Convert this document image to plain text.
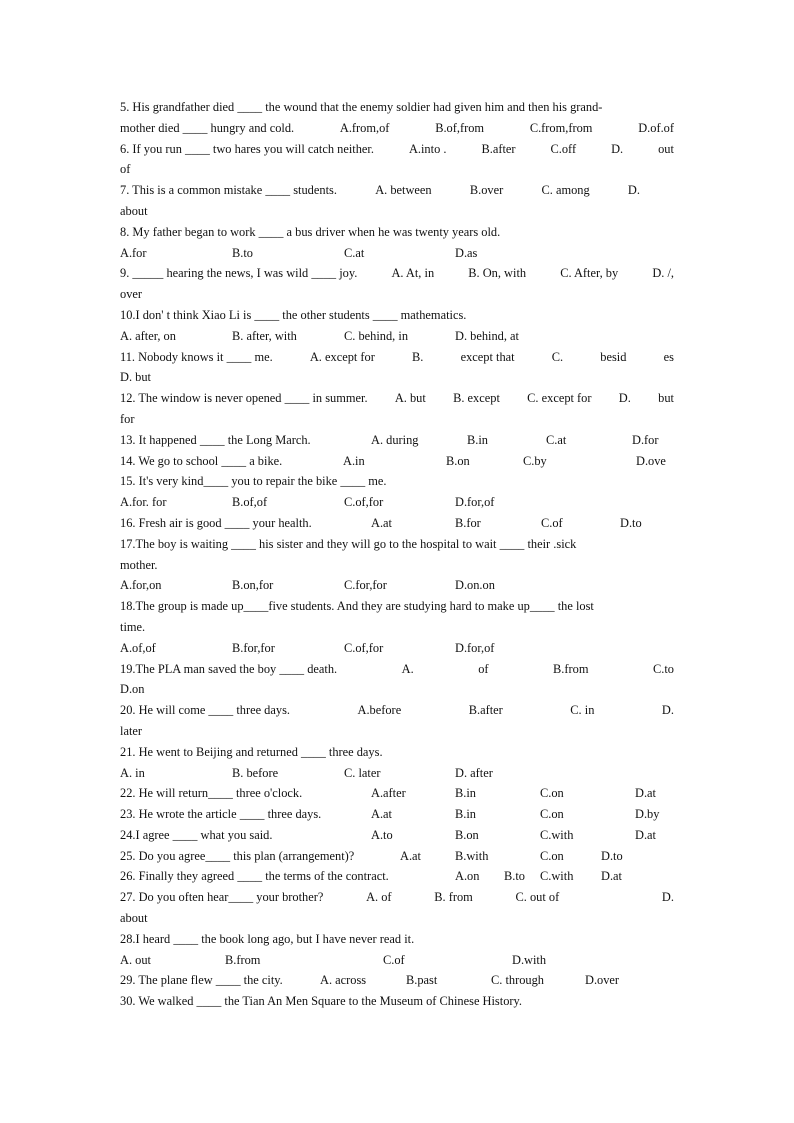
5. His grandfather died ____ the wound that the enemy soldier had given him and then his grand-
mother died ____ hungry and cold.	A.from,of	B.of,from	C.from,from	D.of.of
6. If you run ____ two hares you will catch neither.	A.into .	B.after	C.off	D.	out
of
7. This is a common mistake ____ students.	A. between	B.over	C. among	D.
about
8. My father began to work ____ a bus driver when he was twenty years old.
A.for	B.to	C.at	D.as
9. _____ hearing the news, I was wild ____ joy.	A. At, in	B. On, with	C. After, by	D. /,
over
10.I don' t think Xiao Li is ____ the other students ____ mathematics.
A. after, on	B. after, with	C. behind, in	D. behind, at
11. Nobody knows it ____ me.	A. except for	B.	except that	C.	besid	es
D. but
12. The window is never opened ____ in summer. A. but B. except C. except for D. but
for
13. It happened ____ the Long March.	A. during	B.in	C.at	D.for
14. We go to school ____ a bike.	A.in	B.on	C.by	D.ove
15. It's very kind____ you to repair the bike ____ me.
A.for. for	B.of,of	C.of,for	D.for,of
16. Fresh air is good ____ your health.	A.at	B.for	C.of	D.to
17.The boy is waiting ____ his sister and they will go to the hospital to wait ____ their .sick
mother.
A.for,on	B.on,for	C.for,for	D.on.on
18.The group is made up____five students. And they are studying hard to make up____ the lost
time.
A.of,of	B.for,for	C.of,for	D.for,of
19.The PLA man saved the boy ____ death.	A.	of	B.from	C.to
D.on
20. He will come ____ three days.	A.before	B.after	C. in	D.
later
21. He went to Beijing and returned ____ three days.
A. in	B. before	C. later	D. after
22. He will return____ three o'clock.	A.after	B.in	C.on	D.at
23. He wrote the article ____ three days.	A.at	B.in	C.on	D.by
24.I agree ____ what you said.	A.to	B.on	C.with	D.at
25. Do you agree____ this plan (arrangement)?	A.at	B.with	C.on	D.to
26. Finally they agreed ____ the terms of the contract.	A.on	B.to	C.with	D.at
27. Do you often hear____ your brother?	A. of	B. from	C. out of	D.
about
28.I heard ____ the book long ago, but I have never read it.
A. out	B.from	C.of	D.with
29. The plane flew ____ the city.	A. across	B.past	C. through	D.over
30. We walked ____ the Tian An Men Square to the Museum of Chinese History.
